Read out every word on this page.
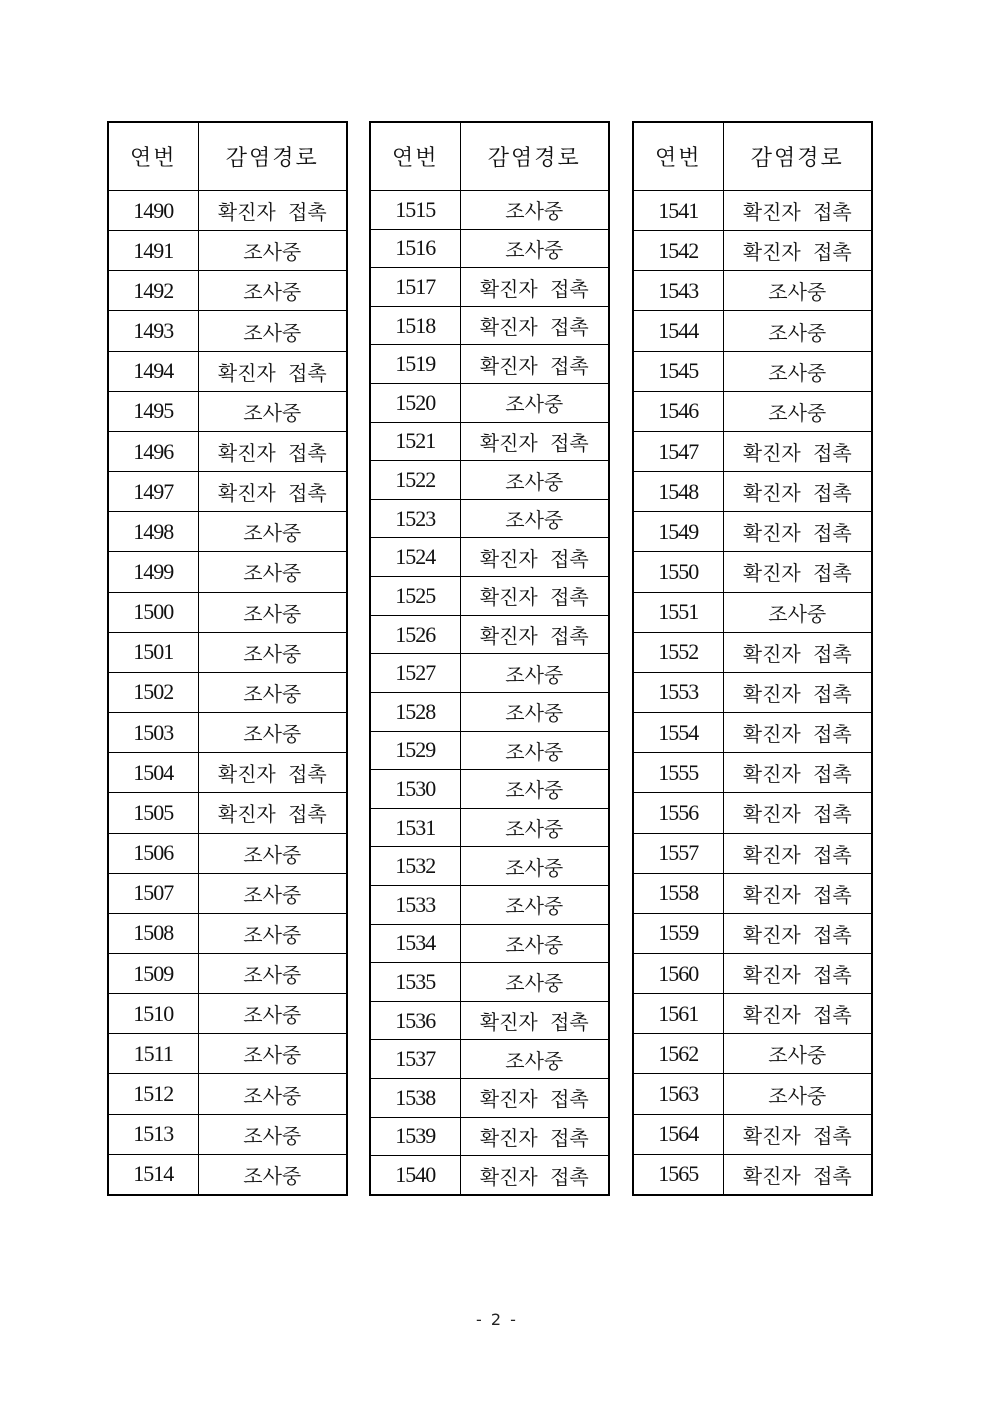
연번	감염경로
1490	확진자 접촉
1491	조사중
1492	조사중
1493	조사중
1494	확진자 접촉
1495	조사중
1496	확진자 접촉
1497	확진자 접촉
1498	조사중
1499	조사중
1500	조사중
1501	조사중
1502	조사중
1503	조사중
1504	확진자 접촉
1505	확진자 접촉
1506	조사중
1507	조사중
1508	조사중
1509	조사중
1510	조사중
1511	조사중
1512	조사중
1513	조사중
1514	조사중
연번	감염경로
1515	조사중
1516	조사중
1517	확진자 접촉
1518	확진자 접촉
1519	확진자 접촉
1520	조사중
1521	확진자 접촉
1522	조사중
1523	조사중
1524	확진자 접촉
1525	확진자 접촉
1526	확진자 접촉
1527	조사중
1528	조사중
1529	조사중
1530	조사중
1531	조사중
1532	조사중
1533	조사중
1534	조사중
1535	조사중
1536	확진자 접촉
1537	조사중
1538	확진자 접촉
1539	확진자 접촉
1540	확진자 접촉
연번	감염경로
1541	확진자 접촉
1542	확진자 접촉
1543	조사중
1544	조사중
1545	조사중
1546	조사중
1547	확진자 접촉
1548	확진자 접촉
1549	확진자 접촉
1550	확진자 접촉
1551	조사중
1552	확진자 접촉
1553	확진자 접촉
1554	확진자 접촉
1555	확진자 접촉
1556	확진자 접촉
1557	확진자 접촉
1558	확진자 접촉
1559	확진자 접촉
1560	확진자 접촉
1561	확진자 접촉
1562	조사중
1563	조사중
1564	확진자 접촉
1565	확진자 접촉
- 2 -
